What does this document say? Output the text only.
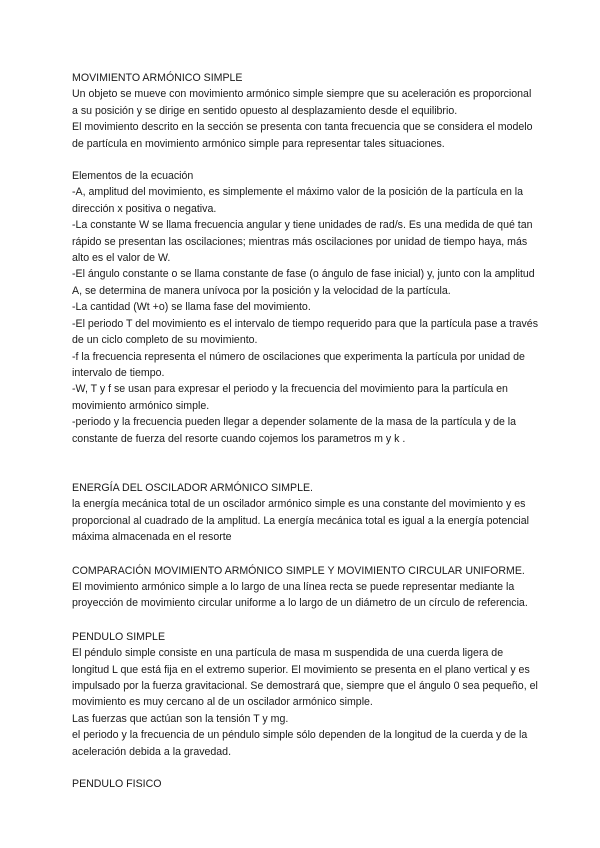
MOVIMIENTO ARMÓNICO SIMPLE

Un objeto se mueve con movimiento armónico simple siempre que su aceleración es proporcional a su posición y se dirige en sentido opuesto al desplazamiento desde el equilibrio.

El movimiento descrito en la sección se presenta con tanta frecuencia que se considera el modelo de partícula en movimiento armónico simple para representar tales situaciones.

Elementos de la ecuación

-A, amplitud del movimiento, es simplemente el máximo valor de la posición de la partícula en la dirección x positiva o negativa.

-La constante W se llama frecuencia angular y tiene unidades de rad/s. Es una medida de qué tan rápido se presentan las oscilaciones; mientras más oscilaciones por unidad de tiempo haya, más alto es el valor de W.

-El ángulo constante o se llama constante de fase (o ángulo de fase inicial) y, junto con la amplitud A, se determina de manera unívoca por la posición y la velocidad de la partícula.

-La cantidad (Wt +o) se llama fase del movimiento.

-El periodo T del movimiento es el intervalo de tiempo requerido para que la partícula pase a través de un ciclo completo de su movimiento.

-f la frecuencia representa el número de oscilaciones que experimenta la partícula por unidad de intervalo de tiempo.

-W, T y f se usan para expresar el periodo y la frecuencia del movimiento para la partícula en movimiento armónico simple.

-periodo y la frecuencia pueden llegar a depender solamente de la masa de la partícula y de la constante de fuerza del resorte cuando cojemos los parametros m y k .

ENERGÍA DEL OSCILADOR ARMÓNICO SIMPLE.

la energía mecánica total de un oscilador armónico simple es una constante del movimiento y es proporcional al cuadrado de la amplitud. La energía mecánica total es igual a la energía potencial máxima almacenada en el resorte

COMPARACIÓN MOVIMIENTO ARMÓNICO SIMPLE Y MOVIMIENTO CIRCULAR UNIFORME.

El movimiento armónico simple a lo largo de una línea recta se puede representar mediante la proyección de movimiento circular uniforme a lo largo de un diámetro de un círculo de referencia.

PENDULO SIMPLE

El péndulo simple consiste en una partícula de masa m suspendida de una cuerda ligera de longitud L que está fija en el extremo superior. El movimiento se presenta en el plano vertical y es impulsado por la fuerza gravitacional. Se demostrará que, siempre que el ángulo 0 sea pequeño, el movimiento es muy cercano al de un oscilador armónico simple.

Las fuerzas que actúan son la tensión T y mg.

el periodo y la frecuencia de un péndulo simple sólo dependen de la longitud de la cuerda y de la aceleración debida a la gravedad.

PENDULO FISICO
